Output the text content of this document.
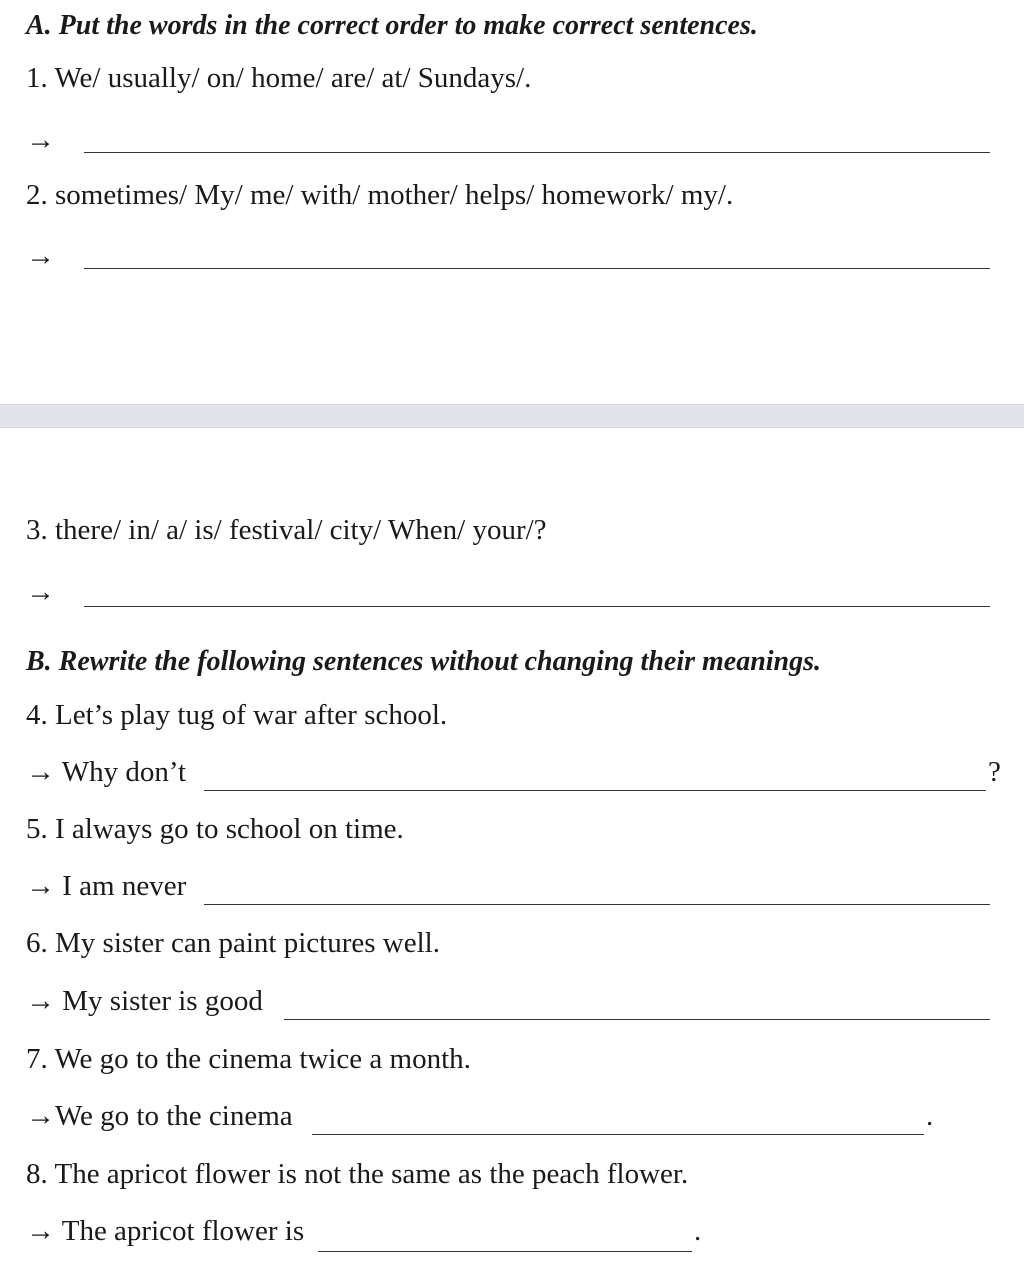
A. Put the words in the correct order to make correct sentences.
1. We/ usually/ on/ home/ are/ at/ Sundays/.
→
2. sometimes/ My/ me/ with/ mother/ helps/ homework/ my/.
→
3. there/ in/ a/ is/ festival/ city/ When/ your/?
→
B. Rewrite the following sentences without changing their meanings.
4. Let’s play tug of war after school.
→ Why don’t	?
5. I always go to school on time.
→ I am never
6. My sister can paint pictures well.
→ My sister is good
7. We go to the cinema twice a month.
→We go to the cinema	.
8. The apricot flower is not the same as the peach flower.
→ The apricot flower is	.
